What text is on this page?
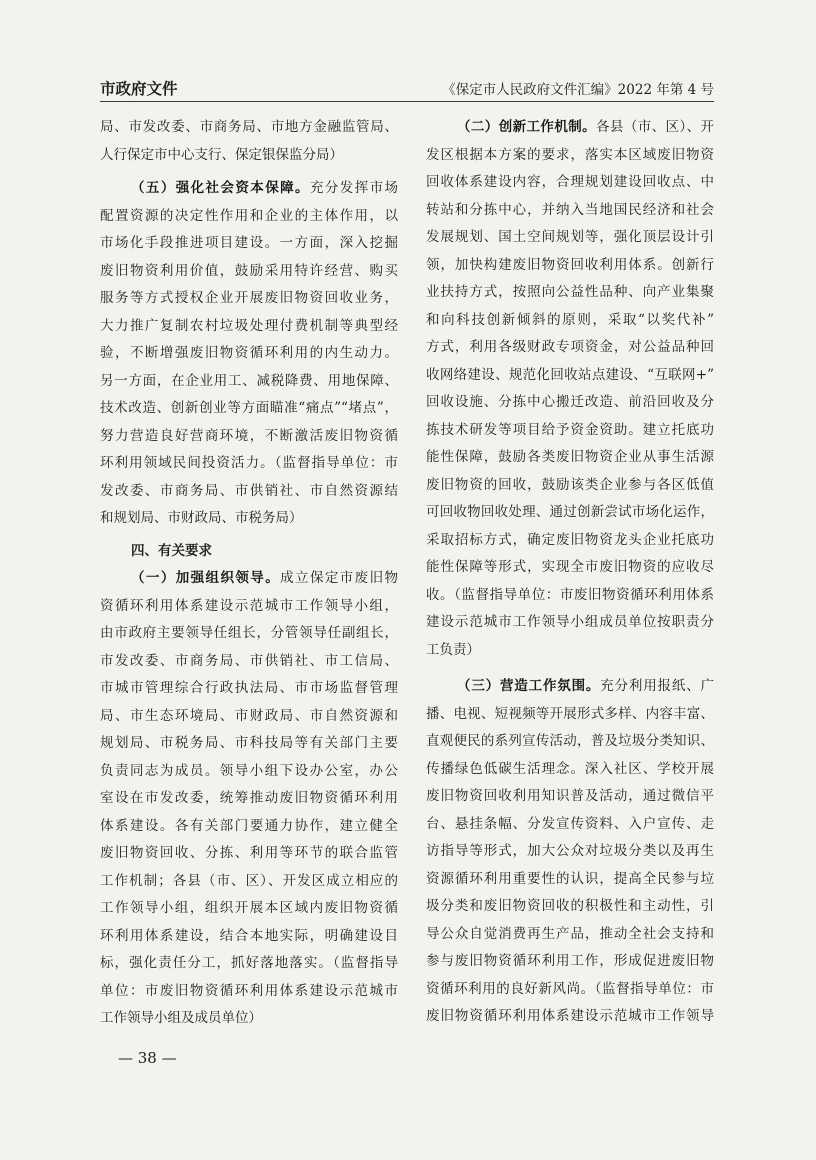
市政府文件	《保定市人民政府文件汇编》2022 年第 4 号
局、市发改委、市商务局、市地方金融监管局、
人行保定市中心支行、保定银保监分局）
（五）强化社会资本保障。充分发挥市场
配置资源的决定性作用和企业的主体作用，以
市场化手段推进项目建设。一方面，深入挖掘
废旧物资利用价值，鼓励采用特许经营、购买
服务等方式授权企业开展废旧物资回收业务，
大力推广复制农村垃圾处理付费机制等典型经
验，不断增强废旧物资循环利用的内生动力。
另一方面，在企业用工、减税降费、用地保障、
技术改造、创新创业等方面瞄准“痛点”“堵点”，
努力营造良好营商环境，不断激活废旧物资循
环利用领域民间投资活力。（监督指导单位：市
发改委、市商务局、市供销社、市自然资源结
和规划局、市财政局、市税务局）
四、有关要求
（一）加强组织领导。成立保定市废旧物
资循环利用体系建设示范城市工作领导小组，
由市政府主要领导任组长，分管领导任副组长，
市发改委、市商务局、市供销社、市工信局、
市城市管理综合行政执法局、市市场监督管理
局、市生态环境局、市财政局、市自然资源和
规划局、市税务局、市科技局等有关部门主要
负责同志为成员。领导小组下设办公室，办公
室设在市发改委，统筹推动废旧物资循环利用
体系建设。各有关部门要通力协作，建立健全
废旧物资回收、分拣、利用等环节的联合监管
工作机制；各县（市、区）、开发区成立相应的
工作领导小组，组织开展本区域内废旧物资循
环利用体系建设，结合本地实际，明确建设目
标，强化责任分工，抓好落地落实。（监督指导
单位：市废旧物资循环利用体系建设示范城市
工作领导小组及成员单位）
（二）创新工作机制。各县（市、区）、开
发区根据本方案的要求，落实本区域废旧物资
回收体系建设内容，合理规划建设回收点、中
转站和分拣中心，并纳入当地国民经济和社会
发展规划、国土空间规划等，强化顶层设计引
领，加快构建废旧物资回收利用体系。创新行
业扶持方式，按照向公益性品种、向产业集聚
和向科技创新倾斜的原则，采取“以奖代补”
方式，利用各级财政专项资金，对公益品种回
收网络建设、规范化回收站点建设、“互联网+”
回收设施、分拣中心搬迁改造、前沿回收及分
拣技术研发等项目给予资金资助。建立托底功
能性保障，鼓励各类废旧物资企业从事生活源
废旧物资的回收，鼓励该类企业参与各区低值
可回收物回收处理、通过创新尝试市场化运作，
采取招标方式，确定废旧物资龙头企业托底功
能性保障等形式，实现全市废旧物资的应收尽
收。（监督指导单位：市废旧物资循环利用体系
建设示范城市工作领导小组成员单位按职责分
工负责）
（三）营造工作氛围。充分利用报纸、广
播、电视、短视频等开展形式多样、内容丰富、
直观便民的系列宣传活动，普及垃圾分类知识、
传播绿色低碳生活理念。深入社区、学校开展
废旧物资回收利用知识普及活动，通过微信平
台、悬挂条幅、分发宣传资料、入户宣传、走
访指导等形式，加大公众对垃圾分类以及再生
资源循环利用重要性的认识，提高全民参与垃
圾分类和废旧物资回收的积极性和主动性，引
导公众自觉消费再生产品，推动全社会支持和
参与废旧物资循环利用工作，形成促进废旧物
资循环利用的良好新风尚。（监督指导单位：市
废旧物资循环利用体系建设示范城市工作领导
— 38 —
